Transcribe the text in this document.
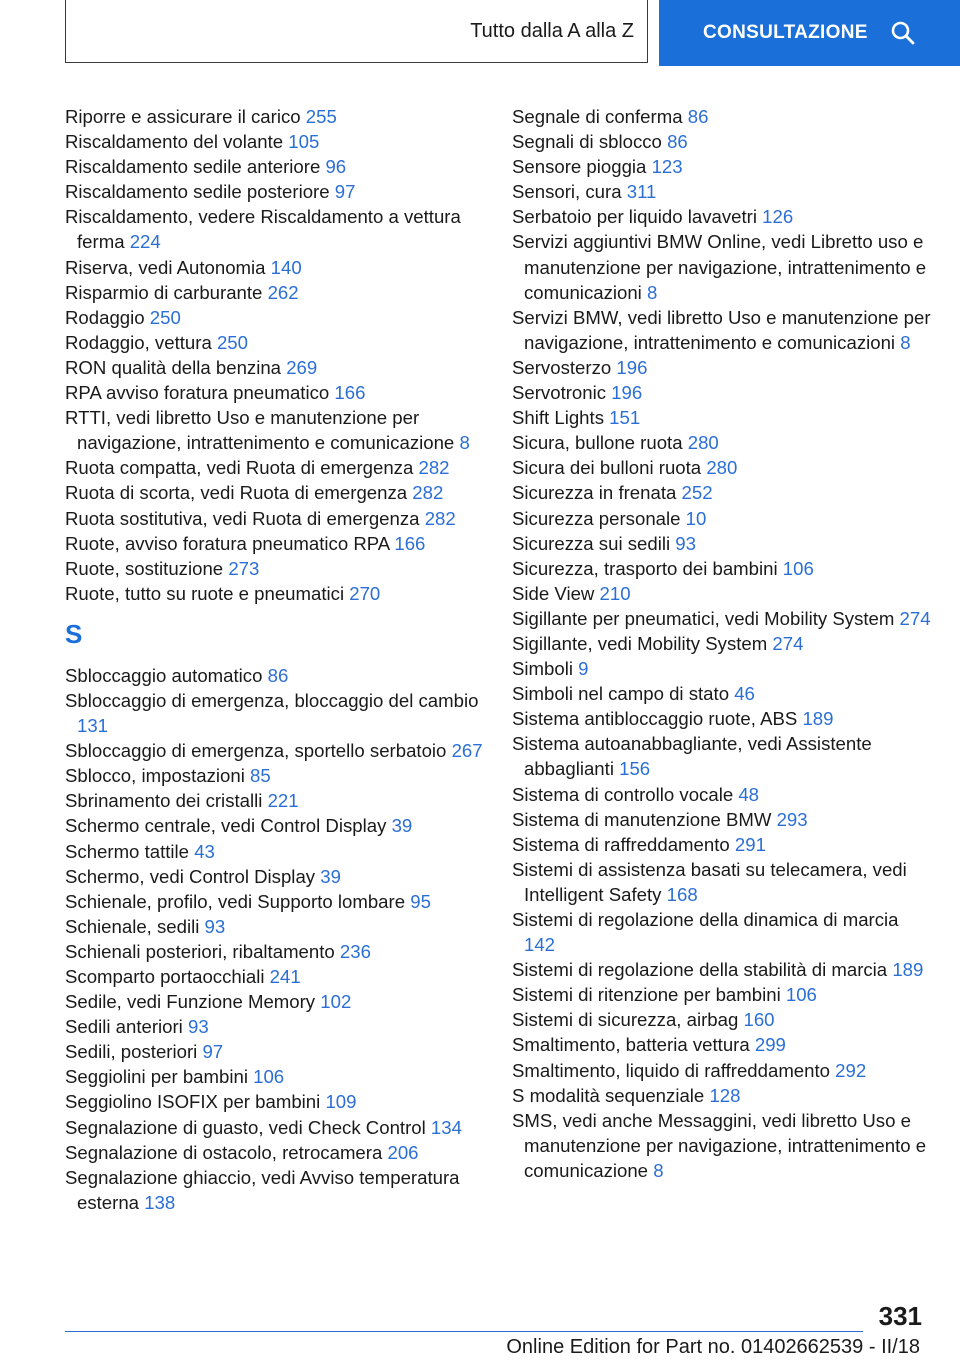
Tutto dalla A alla Z	CONSULTAZIONE
Riporre e assicurare il carico 255
Riscaldamento del volante 105
Riscaldamento sedile anteriore 96
Riscaldamento sedile posteriore 97
Riscaldamento, vedere Riscaldamento a vettura ferma 224
Riserva, vedi Autonomia 140
Risparmio di carburante 262
Rodaggio 250
Rodaggio, vettura 250
RON qualità della benzina 269
RPA avviso foratura pneumatico 166
RTTI, vedi libretto Uso e manutenzione per navigazione, intrattenimento e comunicazione 8
Ruota compatta, vedi Ruota di emergenza 282
Ruota di scorta, vedi Ruota di emergenza 282
Ruota sostitutiva, vedi Ruota di emergenza 282
Ruote, avviso foratura pneumatico RPA 166
Ruote, sostituzione 273
Ruote, tutto su ruote e pneumatici 270
S
Sbloccaggio automatico 86
Sbloccaggio di emergenza, bloccaggio del cambio 131
Sbloccaggio di emergenza, sportello serbatoio 267
Sblocco, impostazioni 85
Sbrinamento dei cristalli 221
Schermo centrale, vedi Control Display 39
Schermo tattile 43
Schermo, vedi Control Display 39
Schienale, profilo, vedi Supporto lombare 95
Schienale, sedili 93
Schienali posteriori, ribaltamento 236
Scomparto portaocchiali 241
Sedile, vedi Funzione Memory 102
Sedili anteriori 93
Sedili, posteriori 97
Seggiolini per bambini 106
Seggiolino ISOFIX per bambini 109
Segnalazione di guasto, vedi Check Control 134
Segnalazione di ostacolo, retrocamera 206
Segnalazione ghiaccio, vedi Avviso temperatura esterna 138
Segnale di conferma 86
Segnali di sblocco 86
Sensore pioggia 123
Sensori, cura 311
Serbatoio per liquido lavavetri 126
Servizi aggiuntivi BMW Online, vedi Libretto uso e manutenzione per navigazione, intrattenimento e comunicazioni 8
Servizi BMW, vedi libretto Uso e manutenzione per navigazione, intrattenimento e comunicazioni 8
Servosterzo 196
Servotronic 196
Shift Lights 151
Sicura, bullone ruota 280
Sicura dei bulloni ruota 280
Sicurezza in frenata 252
Sicurezza personale 10
Sicurezza sui sedili 93
Sicurezza, trasporto dei bambini 106
Side View 210
Sigillante per pneumatici, vedi Mobility System 274
Sigillante, vedi Mobility System 274
Simboli 9
Simboli nel campo di stato 46
Sistema antibloccaggio ruote, ABS 189
Sistema autoanabbagliante, vedi Assistente abbaglianti 156
Sistema di controllo vocale 48
Sistema di manutenzione BMW 293
Sistema di raffreddamento 291
Sistemi di assistenza basati su telecamera, vedi Intelligent Safety 168
Sistemi di regolazione della dinamica di marcia 142
Sistemi di regolazione della stabilità di marcia 189
Sistemi di ritenzione per bambini 106
Sistemi di sicurezza, airbag 160
Smaltimento, batteria vettura 299
Smaltimento, liquido di raffreddamento 292
S modalità sequenziale 128
SMS, vedi anche Messaggini, vedi libretto Uso e manutenzione per navigazione, intrattenimento e comunicazione 8
331
Online Edition for Part no. 01402662539 - II/18
